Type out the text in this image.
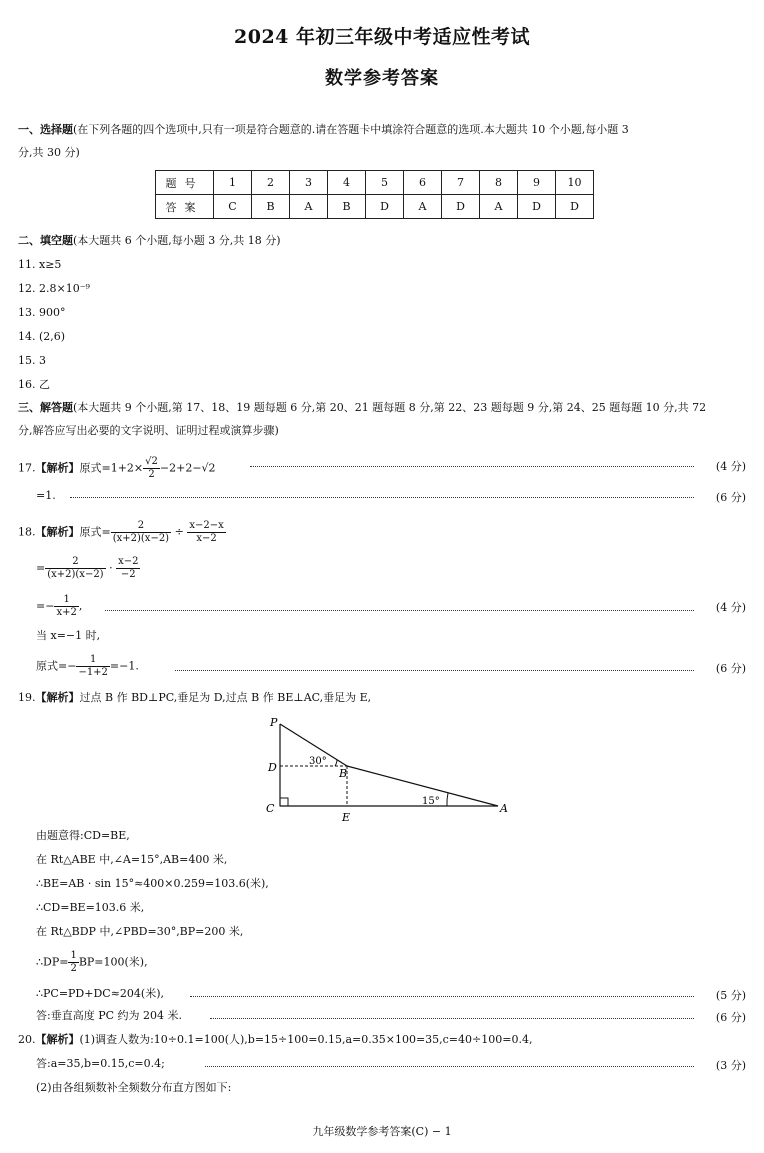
2024 年初三年级中考适应性考试
数学参考答案
一、选择题(在下列各题的四个选项中,只有一项是符合题意的.请在答题卡中填涂符合题意的选项.本大题共 10 个小题,每小题 3
分,共 30 分)
题号	1	2	3	4	5	6	7	8	9	10
答案	C	B	A	B	D	A	D	A	D	D
二、填空题(本大题共 6 个小题,每小题 3 分,共 18 分)
11. x≥5
12. 2.8×10⁻⁹
13. 900°
14. (2,6)
15. 3
16. 乙
三、解答题(本大题共 9 个小题,第 17、18、19 题每题 6 分,第 20、21 题每题 8 分,第 22、23 题每题 9 分,第 24、25 题每题 10 分,共 72
分,解答应写出必要的文字说明、证明过程或演算步骤)
17.【解析】原式$=1+2\times \frac{√2}{2} -2+2-√2$	(4 分)
=1.	(6 分)
18.【解析】原式= $\frac{2}{(x+2)(x-2)} \div \frac{x-2-x}{x-2}$
= $\frac{2}{(x+2)(x-2)} \cdot \frac{x-2}{-2}$
=− $\frac{1}{x+2}$ ,	(4 分)
当 x=−1 时,
原式=− $\frac{1}{-1+2} =-1$.	(6 分)
19.【解析】过点 B 作 BD⊥PC,垂足为 D,过点 B 作 BE⊥AC,垂足为 E,
P
D
C
B
E
A
30°
15°
由题意得:CD=BE,
在 Rt△ABE 中,∠A=15°,AB=400 米,
∴BE=AB · sin 15°≈400×0.259=103.6(米),
∴CD=BE=103.6 米,
在 Rt△BDP 中,∠PBD=30°,BP=200 米,
∴DP= $\frac{1}{2} BP=100$(米),
∴PC=PD+DC≈204(米),	(5 分)
答:垂直高度 PC 约为 204 米.	(6 分)
20.【解析】(1)调查人数为:10÷0.1=100(人),b=15÷100=0.15,a=0.35×100=35,c=40÷100=0.4,
答:a=35,b=0.15,c=0.4;	(3 分)
(2)由各组频数补全频数分布直方图如下:
九年级数学参考答案(C) − 1
